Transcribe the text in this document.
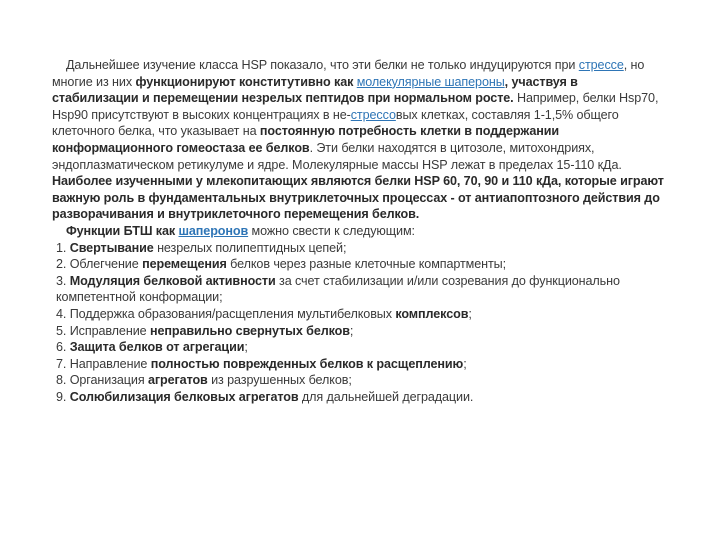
Дальнейшее изучение класса HSP показало, что эти белки не только индуцируются при стрессе, но многие из них функционируют конститутивно как молекулярные шапероны, участвуя в стабилизации и перемещении незрелых пептидов при нормальном росте. Например, белки Hsp70, Hsp90 присутствуют в высоких концентрациях в не-стрессовых клетках, составляя 1-1,5% общего клеточного белка, что указывает на постоянную потребность клетки в поддержании конформационного гомеостаза ее белков. Эти белки находятся в цитозоле, митохондриях, эндоплазматическом ретикулуме и ядре. Молекулярные массы HSP лежат в пределах 15-110 кДа. Наиболее изученными у млекопитающих являются белки HSP 60, 70, 90 и 110 кДа, которые играют важную роль в фундаментальных внутриклеточных процессах - от антиапоптозного действия до разворачивания и внутриклеточного перемещения белков.

Функции БТШ как шаперонов можно свести к следующим:

1. Свертывание незрелых полипептидных цепей;
2. Облегчение перемещения белков через разные клеточные компартменты;
3. Модуляция белковой активности за счет стабилизации и/или созревания до функционально компетентной конформации;
4. Поддержка образования/расщепления мультибелковых комплексов;
5. Исправление неправильно свернутых белков;
6. Защита белков от агрегации;
7. Направление полностью поврежденных белков к расщеплению;
8. Организация агрегатов из разрушенных белков;
9. Солюбилизация белковых агрегатов для дальнейшей деградации.
